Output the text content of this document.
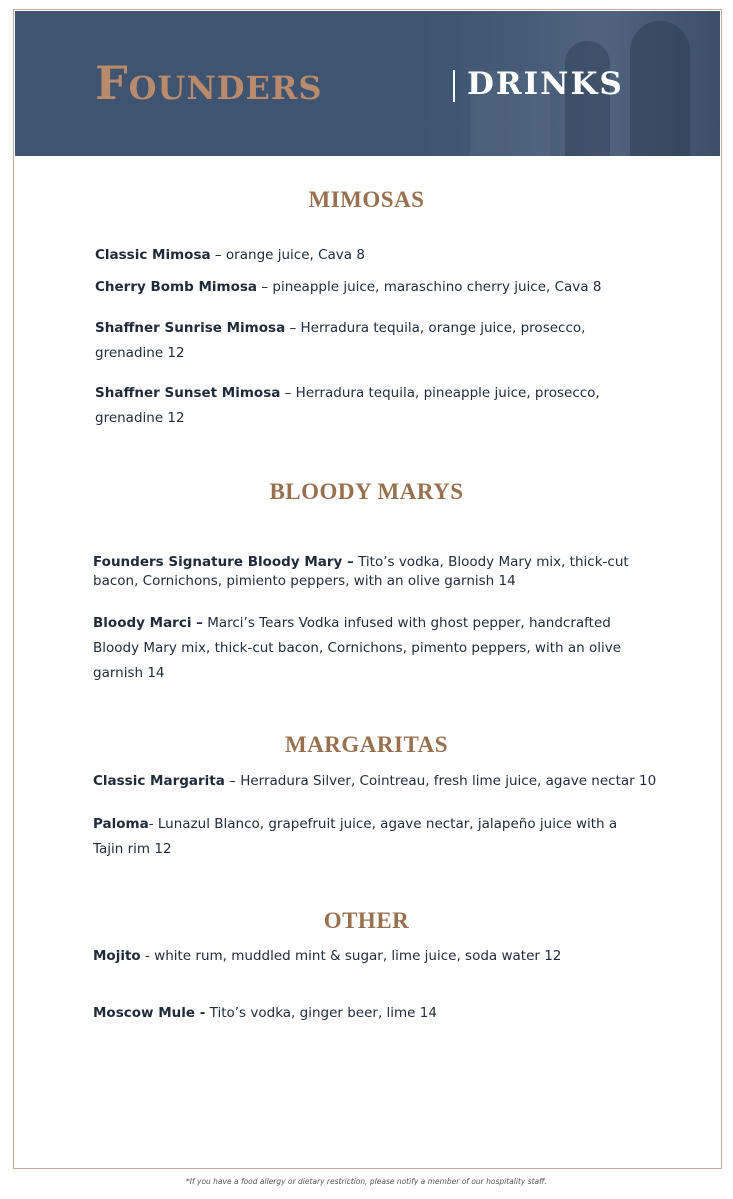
Founders	DRINKS
MIMOSAS
Classic Mimosa – orange juice, Cava 8
Cherry Bomb Mimosa – pineapple juice, maraschino cherry juice, Cava 8
Shaffner Sunrise Mimosa – Herradura tequila, orange juice, prosecco,
grenadine 12
Shaffner Sunset Mimosa – Herradura tequila, pineapple juice, prosecco,
grenadine 12
BLOODY MARYS
Founders Signature Bloody Mary – Tito’s vodka, Bloody Mary mix, thick-cut
bacon, Cornichons, pimiento peppers, with an olive garnish 14
Bloody Marci – Marci’s Tears Vodka infused with ghost pepper, handcrafted
Bloody Mary mix, thick-cut bacon, Cornichons, pimento peppers, with an olive
garnish 14
MARGARITAS
Classic Margarita – Herradura Silver, Cointreau, fresh lime juice, agave nectar 10
Paloma- Lunazul Blanco, grapefruit juice, agave nectar, jalapeño juice with a
Tajin rim 12
OTHER
Mojito - white rum, muddled mint & sugar, lime juice, soda water 12
Moscow Mule - Tito’s vodka, ginger beer, lime 14
*If you have a food allergy or dietary restriction, please notify a member of our hospitality staff.
